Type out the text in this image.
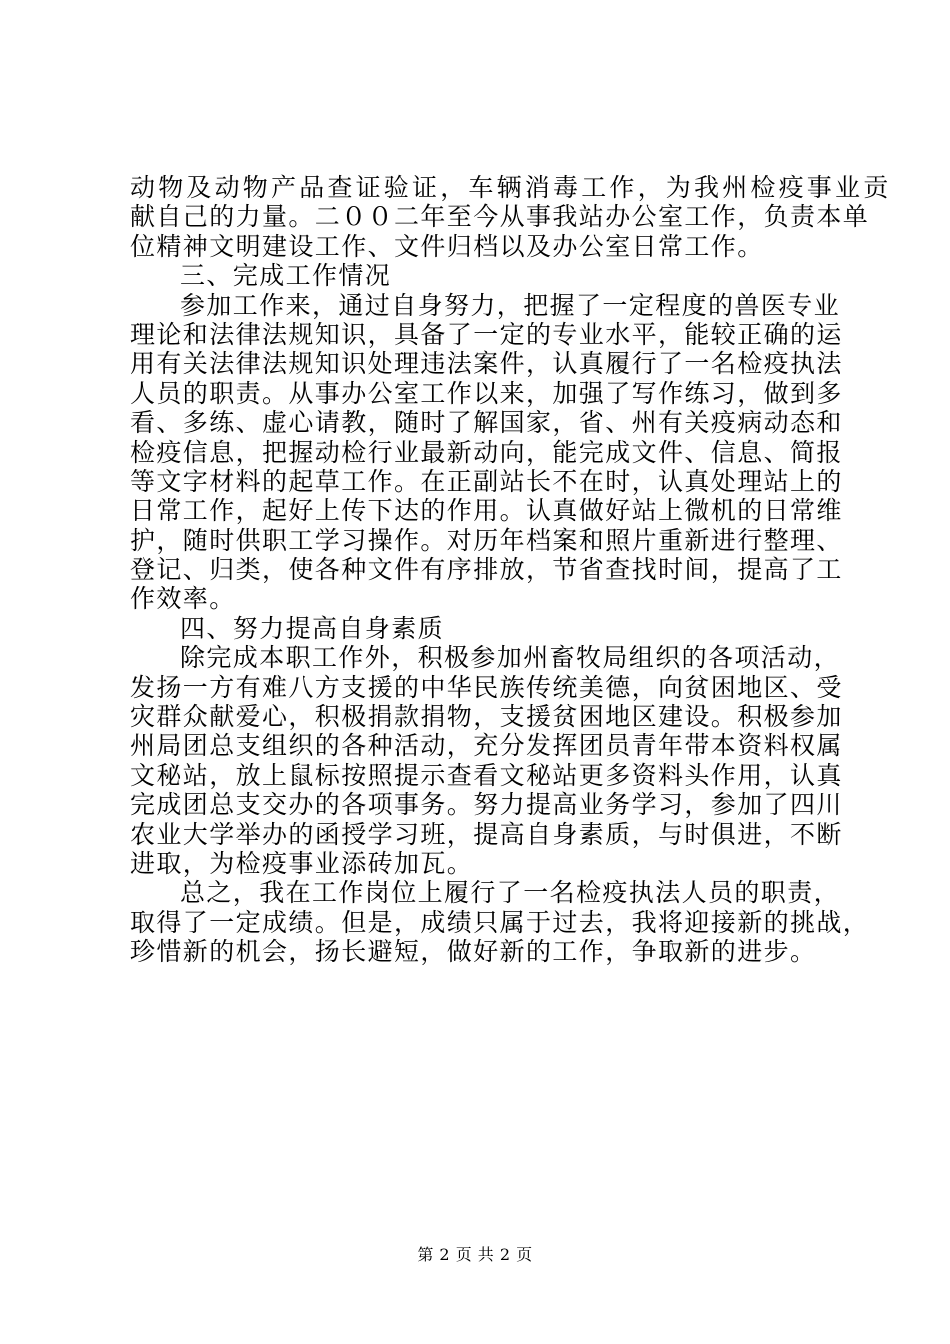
动物及动物产品查证验证，车辆消毒工作，为我州检疫事业贡
献自己的力量。二００二年至今从事我站办公室工作，负责本单
位精神文明建设工作、文件归档以及办公室日常工作。
三、完成工作情况
参加工作来，通过自身努力，把握了一定程度的兽医专业
理论和法律法规知识，具备了一定的专业水平，能较正确的运
用有关法律法规知识处理违法案件，认真履行了一名检疫执法
人员的职责。从事办公室工作以来，加强了写作练习，做到多
看、多练、虚心请教，随时了解国家，省、州有关疫病动态和
检疫信息，把握动检行业最新动向，能完成文件、信息、简报
等文字材料的起草工作。在正副站长不在时，认真处理站上的
日常工作，起好上传下达的作用。认真做好站上微机的日常维
护，随时供职工学习操作。对历年档案和照片重新进行整理、
登记、归类，使各种文件有序排放，节省查找时间，提高了工
作效率。
四、努力提高自身素质
除完成本职工作外，积极参加州畜牧局组织的各项活动，
发扬一方有难八方支援的中华民族传统美德，向贫困地区、受
灾群众献爱心，积极捐款捐物，支援贫困地区建设。积极参加
州局团总支组织的各种活动，充分发挥团员青年带本资料权属
文秘站，放上鼠标按照提示查看文秘站更多资料头作用，认真
完成团总支交办的各项事务。努力提高业务学习，参加了四川
农业大学举办的函授学习班，提高自身素质，与时俱进，不断
进取，为检疫事业添砖加瓦。
总之，我在工作岗位上履行了一名检疫执法人员的职责，
取得了一定成绩。但是，成绩只属于过去，我将迎接新的挑战，
珍惜新的机会，扬长避短，做好新的工作，争取新的进步。
第 2 页 共 2 页
